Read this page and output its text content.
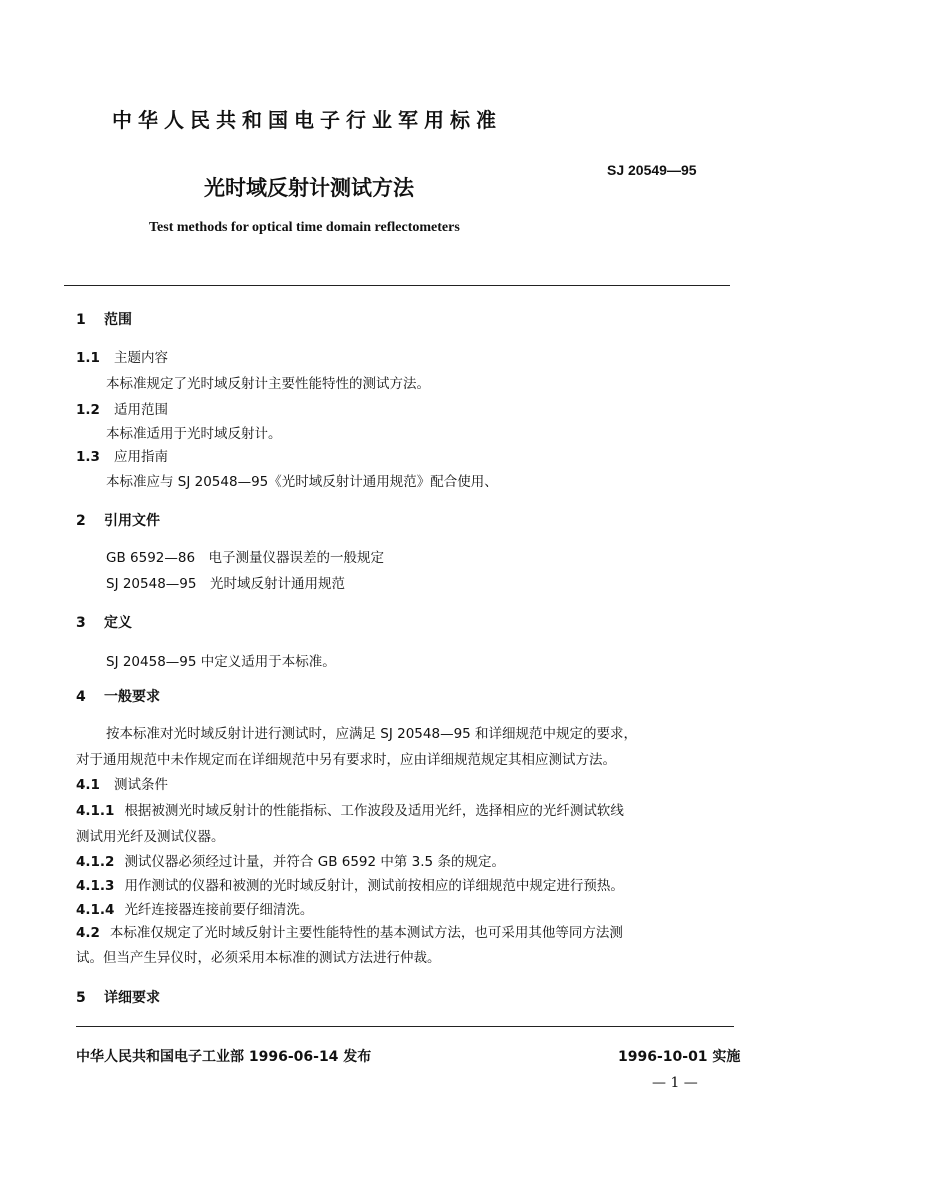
中华人民共和国电子行业军用标准
光时域反射计测试方法
SJ 20549—95
Test methods for optical time domain reflectometers
1 范围
1.1 主题内容
本标准规定了光时域反射计主要性能特性的测试方法。
1.2 适用范围
本标准适用于光时域反射计。
1.3 应用指南
本标准应与 SJ 20548—95《光时域反射计通用规范》配合使用、
2 引用文件
GB 6592—86　电子测量仪器误差的一般规定
SJ 20548—95　光时域反射计通用规范
3 定义
SJ 20458—95 中定义适用于本标准。
4 一般要求
按本标准对光时域反射计进行测试时，应满足 SJ 20548—95 和详细规范中规定的要求，
对于通用规范中未作规定而在详细规范中另有要求时，应由详细规范规定其相应测试方法。
4.1 测试条件
4.1.1 根据被测光时域反射计的性能指标、工作波段及适用光纤，选择相应的光纤测试软线
测试用光纤及测试仪器。
4.1.2 测试仪器必须经过计量，并符合 GB 6592 中第 3.5 条的规定。
4.1.3 用作测试的仪器和被测的光时域反射计，测试前按相应的详细规范中规定进行预热。
4.1.4 光纤连接器连接前要仔细清洗。
4.2 本标准仅规定了光时域反射计主要性能特性的基本测试方法，也可采用其他等同方法测
试。但当产生异仪时，必须采用本标准的测试方法进行仲裁。
5 详细要求
中华人民共和国电子工业部 1996-06-14 发布	1996-10-01 实施
— 1 —
